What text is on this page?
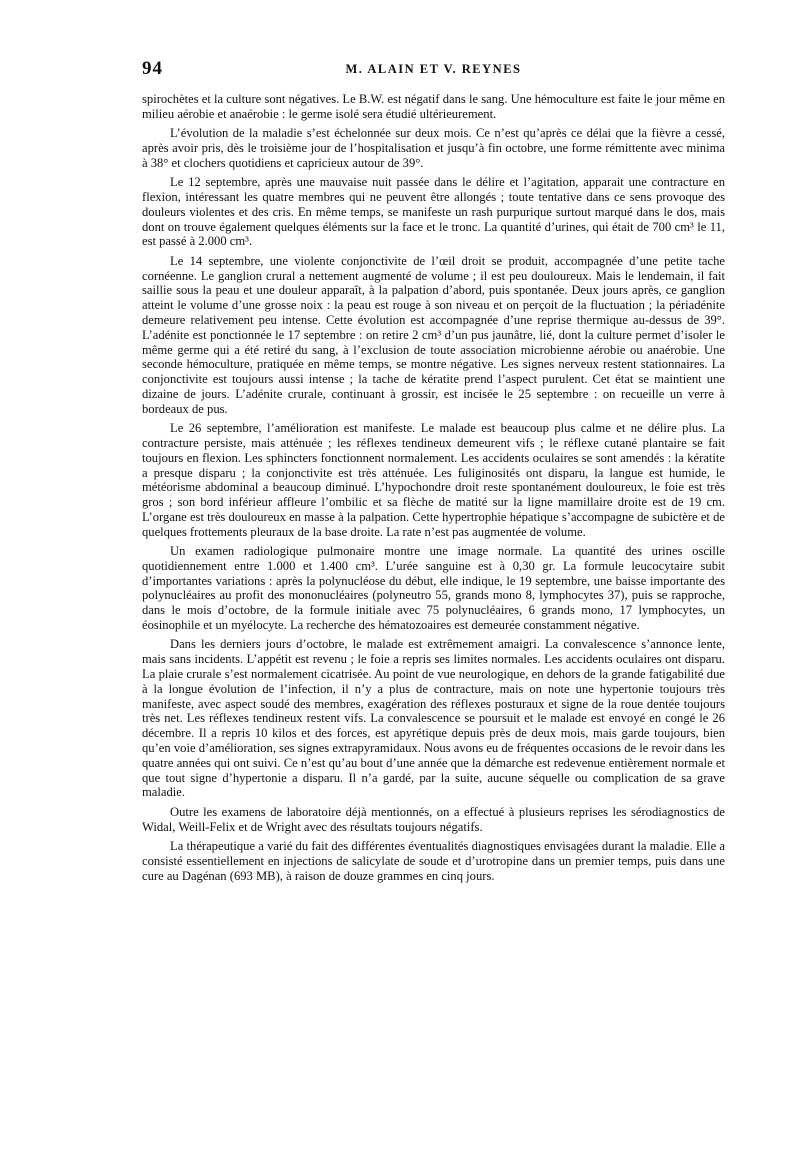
94	M. ALAIN ET V. REYNES

spirochètes et la culture sont négatives. Le B.W. est négatif dans le sang. Une hémoculture est faite le jour même en milieu aérobie et anaérobie : le germe isolé sera étudié ultérieurement.

L’évolution de la maladie s’est échelonnée sur deux mois. Ce n’est qu’après ce délai que la fièvre a cessé, après avoir pris, dès le troisième jour de l’hospitalisation et jusqu’à fin octobre, une forme rémittente avec minima à 38° et clochers quotidiens et capricieux autour de 39°.

Le 12 septembre, après une mauvaise nuit passée dans le délire et l’agitation, apparait une contracture en flexion, intéressant les quatre membres qui ne peuvent être allongés ; toute tentative dans ce sens provoque des douleurs violentes et des cris. En même temps, se manifeste un rash purpurique surtout marqué dans le dos, mais dont on trouve également quelques éléments sur la face et le tronc. La quantité d’urines, qui était de 700 cm³ le 11, est passé à 2.000 cm³.

Le 14 septembre, une violente conjonctivite de l’œil droit se produit, accompagnée d’une petite tache cornéenne. Le ganglion crural a nettement augmenté de volume ; il est peu douloureux. Mais le lendemain, il fait saillie sous la peau et une douleur apparaît, à la palpation d’abord, puis spontanée. Deux jours après, ce ganglion atteint le volume d’une grosse noix : la peau est rouge à son niveau et on perçoit de la fluctuation ; la périadénite demeure relativement peu intense. Cette évolution est accompagnée d’une reprise thermique au-dessus de 39°. L’adénite est ponctionnée le 17 septembre : on retire 2 cm³ d’un pus jaunâtre, lié, dont la culture permet d’isoler le même germe qui a été retiré du sang, à l’exclusion de toute association microbienne aérobie ou anaérobie. Une seconde hémoculture, pratiquée en même temps, se montre négative. Les signes nerveux restent stationnaires. La conjonctivite est toujours aussi intense ; la tache de kératite prend l’aspect purulent. Cet état se maintient une dizaine de jours. L’adénite crurale, continuant à grossir, est incisée le 25 septembre : on recueille un verre à bordeaux de pus.

Le 26 septembre, l’amélioration est manifeste. Le malade est beaucoup plus calme et ne délire plus. La contracture persiste, mais atténuée ; les réflexes tendineux demeurent vifs ; le réflexe cutané plantaire se fait toujours en flexion. Les sphincters fonctionnent normalement. Les accidents oculaires se sont amendés : la kératite a presque disparu ; la conjonctivite est très atténuée. Les fuliginosités ont disparu, la langue est humide, le météorisme abdominal a beaucoup diminué. L’hypochondre droit reste spontanément douloureux, le foie est très gros ; son bord inférieur affleure l’ombilic et sa flèche de matité sur la ligne mamillaire droite est de 19 cm. L’organe est très douloureux en masse à la palpation. Cette hypertrophie hépatique s’accompagne de subictère et de quelques frottements pleuraux de la base droite. La rate n’est pas augmentée de volume.

Un examen radiologique pulmonaire montre une image normale. La quantité des urines oscille quotidiennement entre 1.000 et 1.400 cm³. L’urée sanguine est à 0,30 gr. La formule leucocytaire subit d’importantes variations : après la polynucléose du début, elle indique, le 19 septembre, une baisse importante des polynucléaires au profit des mononucléaires (polyneutro 55, grands mono 8, lymphocytes 37), puis se rapproche, dans le mois d’octobre, de la formule initiale avec 75 polynucléaires, 6 grands mono, 17 lymphocytes, un éosinophile et un myélocyte. La recherche des hématozoaires est demeurée constamment négative.

Dans les derniers jours d’octobre, le malade est extrêmement amaigri. La convalescence s’annonce lente, mais sans incidents. L’appétit est revenu ; le foie a repris ses limites normales. Les accidents oculaires ont disparu. La plaie crurale s’est normalement cicatrisée. Au point de vue neurologique, en dehors de la grande fatigabilité due à la longue évolution de l’infection, il n’y a plus de contracture, mais on note une hypertonie toujours très manifeste, avec aspect soudé des membres, exagération des réflexes posturaux et signe de la roue dentée toujours très net. Les réflexes tendineux restent vifs. La convalescence se poursuit et le malade est envoyé en congé le 26 décembre. Il a repris 10 kilos et des forces, est apyrétique depuis près de deux mois, mais garde toujours, bien qu’en voie d’amélioration, ses signes extrapyramidaux. Nous avons eu de fréquentes occasions de le revoir dans les quatre années qui ont suivi. Ce n’est qu’au bout d’une année que la démarche est redevenue entièrement normale et que tout signe d’hypertonie a disparu. Il n’a gardé, par la suite, aucune séquelle ou complication de sa grave maladie.

Outre les examens de laboratoire déjà mentionnés, on a effectué à plusieurs reprises les sérodiagnostics de Widal, Weill-Felix et de Wright avec des résultats toujours négatifs.

La thérapeutique a varié du fait des différentes éventualités diagnostiques envisagées durant la maladie. Elle a consisté essentiellement en injections de salicylate de soude et d’urotropine dans un premier temps, puis dans une cure au Dagénan (693 MB), à raison de douze grammes en cinq jours.
